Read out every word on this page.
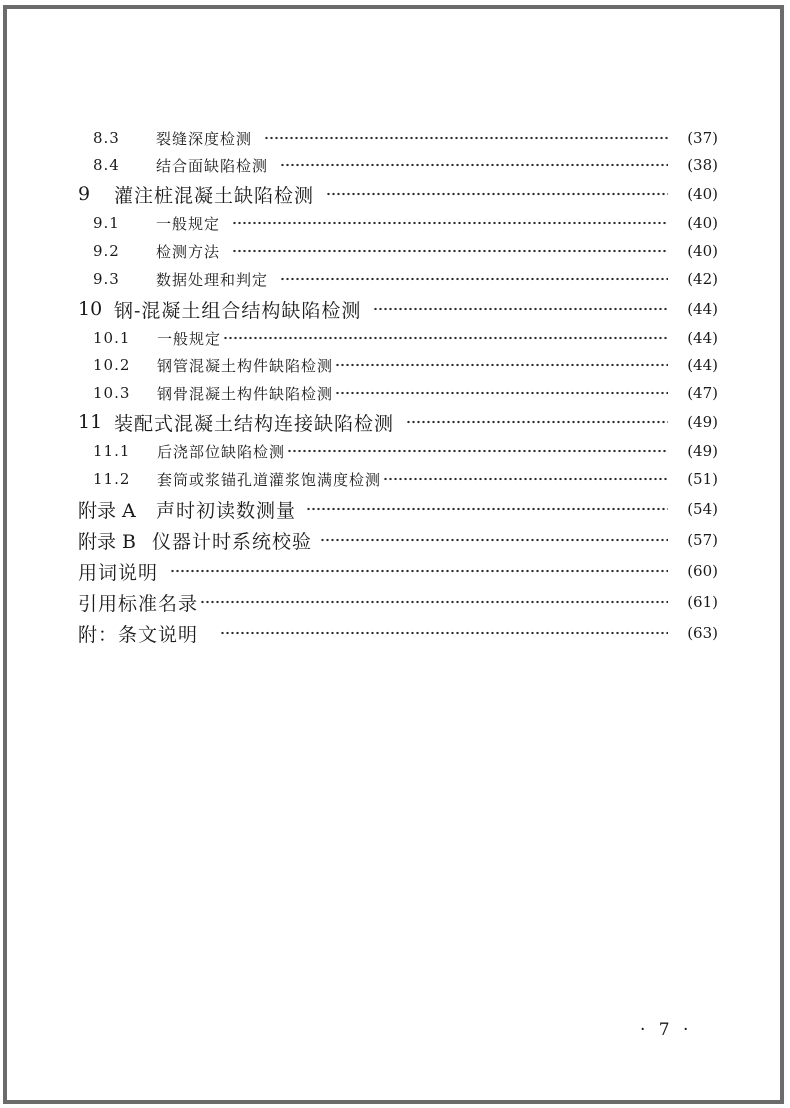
8.3	裂缝深度检测	(37)
8.4	结合面缺陷检测	(38)
9	灌注桩混凝土缺陷检测	(40)
9.1	一般规定	(40)
9.2	检测方法	(40)
9.3	数据处理和判定	(42)
10 钢-混凝土组合结构缺陷检测	(44)
10.1	一般规定	(44)
10.2	钢管混凝土构件缺陷检测	(44)
10.3	钢骨混凝土构件缺陷检测	(47)
11 装配式混凝土结构连接缺陷检测	(49)
11.1	后浇部位缺陷检测	(49)
11.2	套筒或浆锚孔道灌浆饱满度检测	(51)
附录 A	声时初读数测量	(54)
附录 B 仪器计时系统校验	(57)
用词说明	(60)
引用标准名录	(61)
附：条文说明	(63)
· 7 ·
